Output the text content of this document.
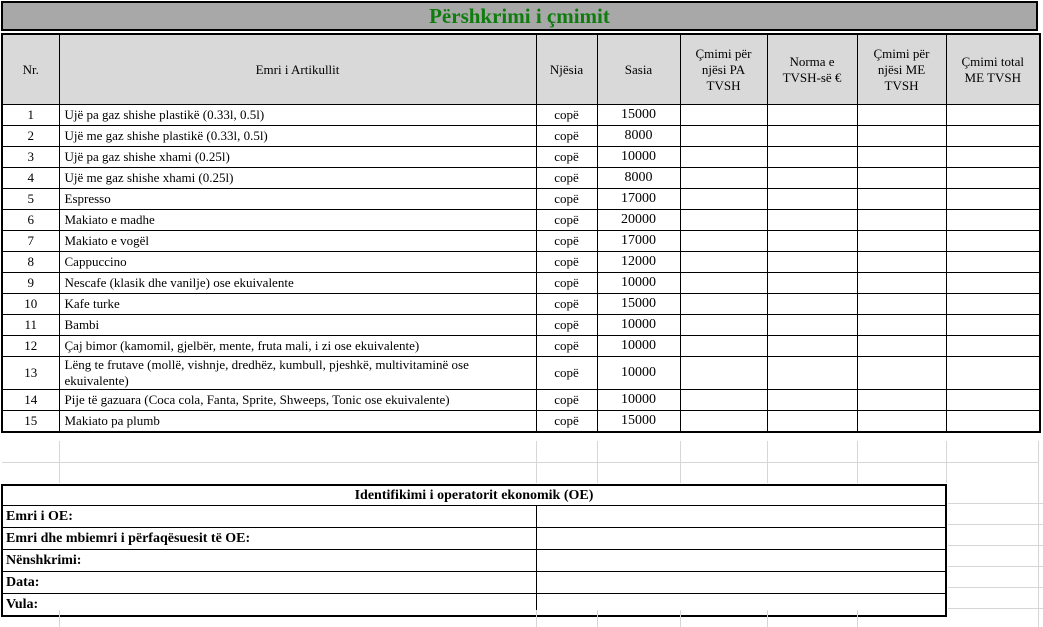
Përshkrimi i çmimit
Nr.	Emri i Artikullit	Njësia	Sasia	Çmimi për njësi PA TVSH	Norma e TVSH-së €	Çmimi për njësi ME TVSH	Çmimi total ME TVSH
1	Ujë pa gaz shishe plastikë (0.33l, 0.5l)	copë	15000				
2	Ujë me gaz shishe plastikë (0.33l, 0.5l)	copë	8000				
3	Ujë pa gaz shishe xhami (0.25l)	copë	10000				
4	Ujë me gaz shishe xhami (0.25l)	copë	8000				
5	Espresso	copë	17000				
6	Makiato e madhe	copë	20000				
7	Makiato e vogël	copë	17000				
8	Cappuccino	copë	12000				
9	Nescafe (klasik dhe vanilje) ose ekuivalente	copë	10000				
10	Kafe turke	copë	15000				
11	Bambi	copë	10000				
12	Çaj bimor (kamomil, gjelbër, mente, fruta mali, i zi ose ekuivalente)	copë	10000				
13	Lëng te frutave (mollë, vishnje, dredhëz, kumbull, pjeshkë, multivitaminë ose ekuivalente)	copë	10000				
14	Pije të gazuara (Coca cola, Fanta, Sprite, Shweeps, Tonic ose ekuivalente)	copë	10000				
15	Makiato pa plumb	copë	15000				
Identifikimi i operatorit ekonomik (OE)	
Emri i OE:	
Emri dhe mbiemri i përfaqësuesit të OE:	
Nënshkrimi:	
Data:	
Vula:	
